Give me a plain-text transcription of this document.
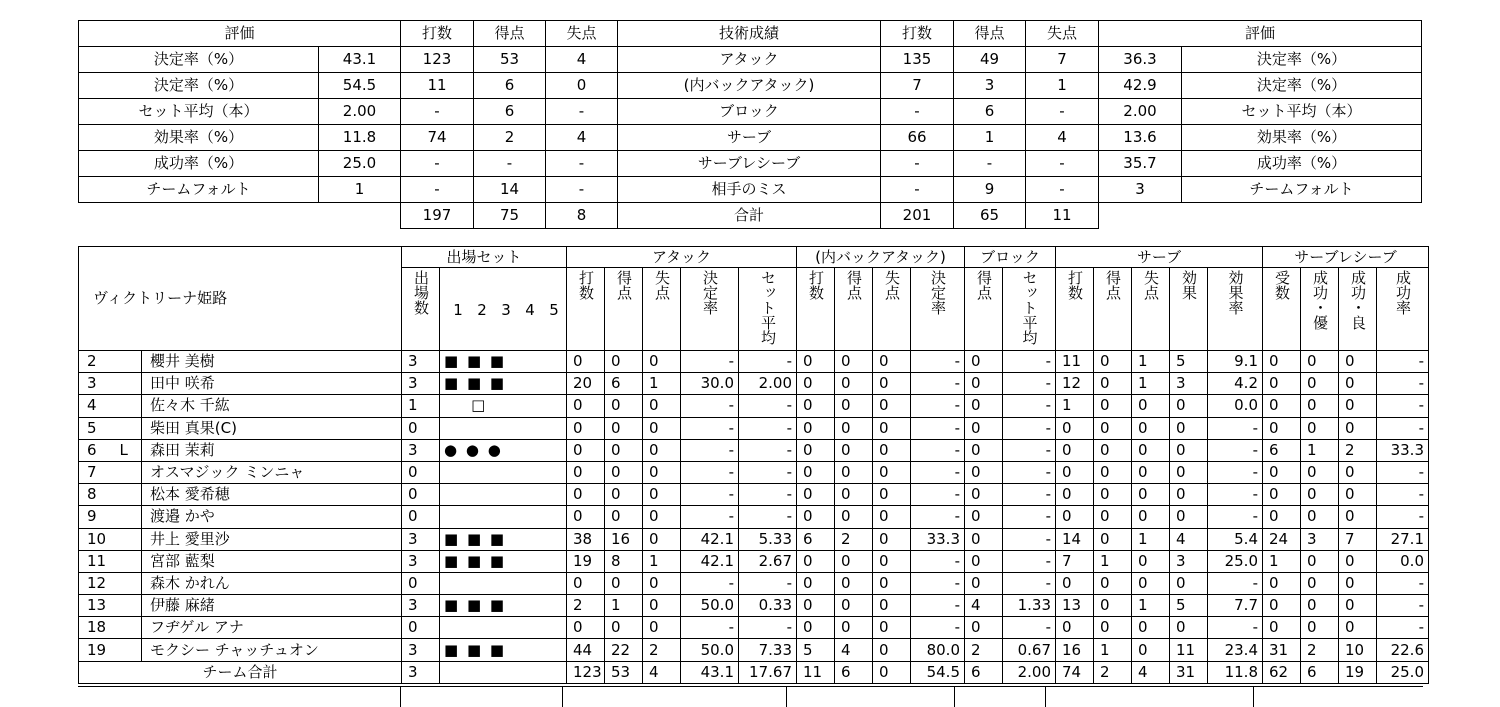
評価		打数	得点	失点	技術成績	打数	得点	失点	評価	
決定率（%）	43.1	123	53	4	アタック	135	49	7	36.3	決定率（%）
決定率（%）	54.5	11	6	0	(内バックアタック)	7	3	1	42.9	決定率（%）
セット平均（本）	2.00	-	6	-	ブロック	-	6	-	2.00	セット平均（本）
効果率（%）	11.8	74	2	4	サーブ	66	1	4	13.6	効果率（%）
成功率（%）	25.0	-	-	-	サーブレシーブ	-	-	-	35.7	成功率（%）
チームフォルト	1	-	14	-	相手のミス	-	9	-	3	チームフォルト
		197	75	8	合計	201	65	11		
ヴィクトリーナ姫路			出場セット		アタック					(内バックアタック)				ブロック		サーブ					サーブレシーブ			

			出場数	1 2 3 4 5	打数	得点	失点	決定率	セット平均	打数	得点	失点	決定率	得点	セット平均	打数	得点	失点	効果	効果率	受数	成功・優	成功・良	成功率

2		櫻井 美樹	3	■ ■ ■	0	0	0	-	-	0	0	0	-	0	-	11	0	1	5	9.1	0	0	0	-
3		田中 咲希	3	■ ■ ■	20	6	1	30.0	2.00	0	0	0	-	0	-	12	0	1	3	4.2	0	0	0	-
4		佐々木 千紘	1	□	0	0	0	-	-	0	0	0	-	0	-	1	0	0	0	0.0	0	0	0	-
5		柴田 真果(C)	0		0	0	0	-	-	0	0	0	-	0	-	0	0	0	0	-	0	0	0	-
6	L	森田 茉莉	3	● ● ●	0	0	0	-	-	0	0	0	-	0	-	0	0	0	0	-	6	1	2	33.3
7		オスマジック ミンニャ	0		0	0	0	-	-	0	0	0	-	0	-	0	0	0	0	-	0	0	0	-
8		松本 愛希穂	0		0	0	0	-	-	0	0	0	-	0	-	0	0	0	0	-	0	0	0	-
9		渡邉 かや	0		0	0	0	-	-	0	0	0	-	0	-	0	0	0	0	-	0	0	0	-
10		井上 愛里沙	3	■ ■ ■	38	16	0	42.1	5.33	6	2	0	33.3	0	-	14	0	1	4	5.4	24	3	7	27.1
11		宮部 藍梨	3	■ ■ ■	19	8	1	42.1	2.67	0	0	0	-	0	-	7	1	0	3	25.0	1	0	0	0.0
12		森木 かれん	0		0	0	0	-	-	0	0	0	-	0	-	0	0	0	0	-	0	0	0	-
13		伊藤 麻緒	3	■ ■ ■	2	1	0	50.0	0.33	0	0	0	-	4	1.33	13	0	1	5	7.7	0	0	0	-
18		フヂゲル アナ	0		0	0	0	-	-	0	0	0	-	0	-	0	0	0	0	-	0	0	0	-
19		モクシー チャッチュオン	3	■ ■ ■	44	22	2	50.0	7.33	5	4	0	80.0	2	0.67	16	1	0	11	23.4	31	2	10	22.6
チーム合計			3		123	53	4	43.1	17.67	11	6	0	54.5	6	2.00	74	2	4	31	11.8	62	6	19	25.0
